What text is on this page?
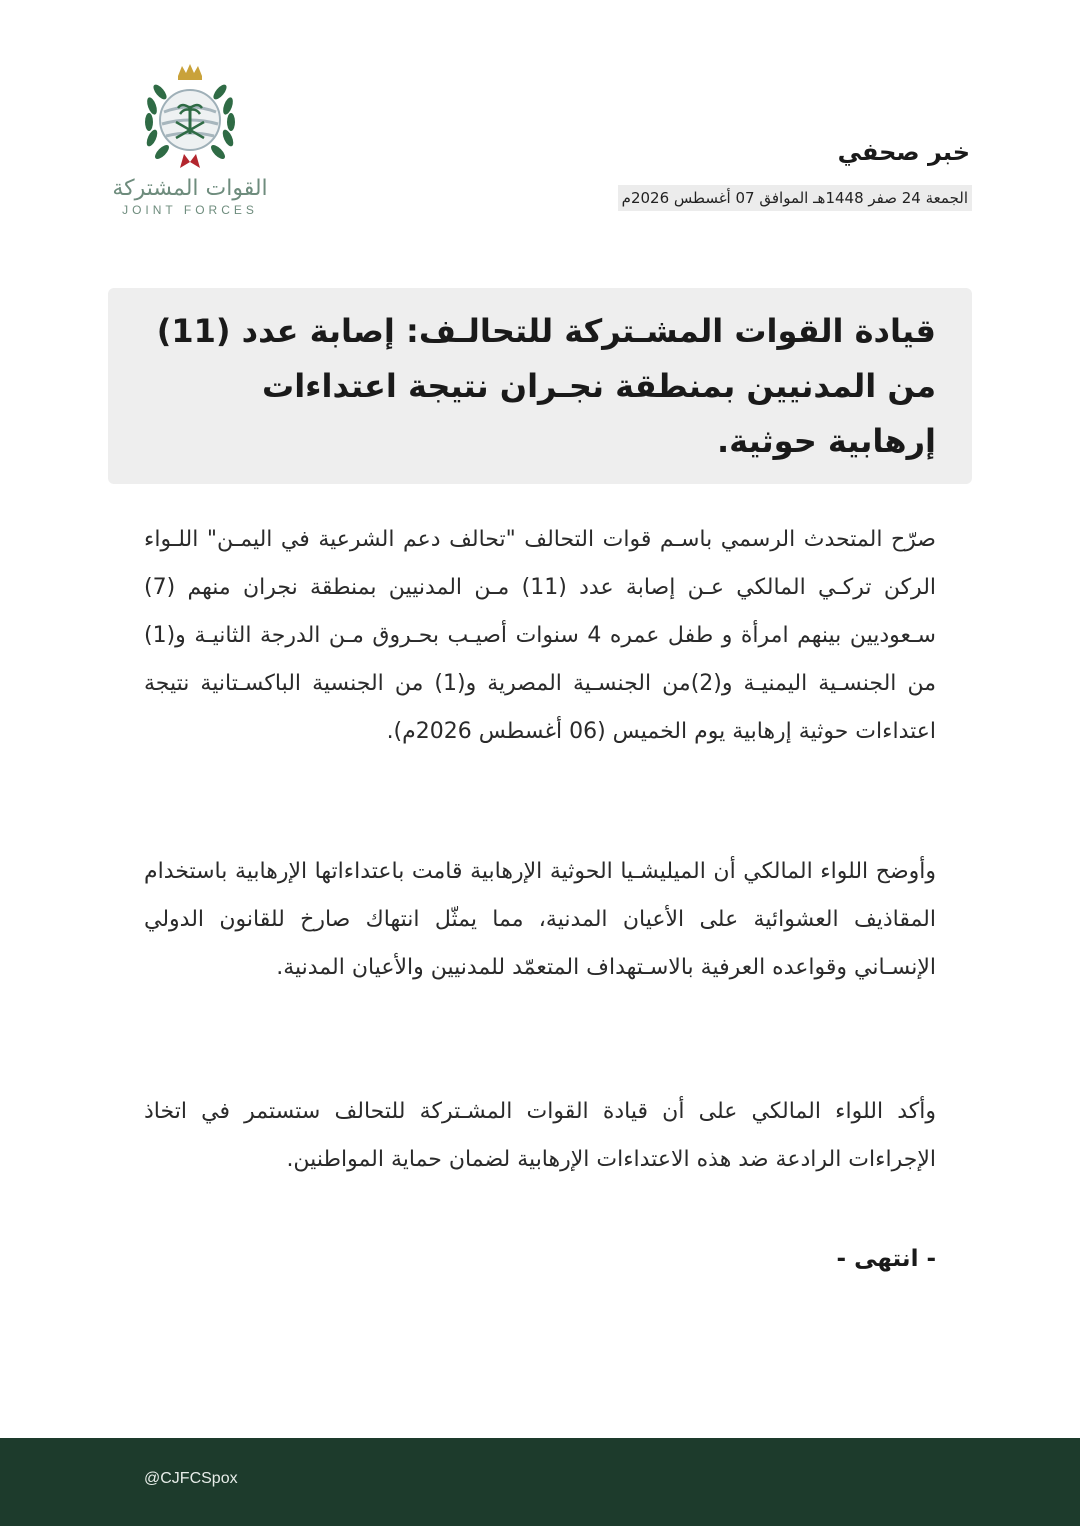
القوات المشتركة
JOINT FORCES
خبر صحفي
الجمعة 24 صفر 1448هـ الموافق 07 أغسطس 2026م

قيادة القوات المشـتركة للتحالـف: إصابة عدد (11) من المدنيين بمنطقة نجـران نتيجة اعتداءات إرهابية حوثية.

صرّح المتحدث الرسمي باسـم قوات التحالف "تحالف دعم الشرعية في اليمـن" اللـواء الركن تركـي المالكي عـن إصابة عدد (11) مـن المدنيين بمنطقة نجران منهم (7) سـعوديين بينهم امرأة و طفل عمره 4 سنوات أصيـب بحـروق مـن الدرجة الثانيـة و(1) من الجنسـية اليمنيـة و(2)من الجنسـية المصرية و(1) من الجنسية الباكسـتانية نتيجة اعتداءات حوثية إرهابية يوم الخميس (06 أغسطس 2026م).

وأوضح اللواء المالكي أن الميليشـيا الحوثية الإرهابية قامت باعتداءاتها الإرهابية باستخدام المقاذيف العشوائية على الأعيان المدنية، مما يمثّل انتهاك صارخ للقانون الدولي الإنسـاني وقواعده العرفية بالاسـتهداف المتعمّد للمدنيين والأعيان المدنية.

وأكد اللواء المالكي على أن قيادة القوات المشـتركة للتحالف ستستمر في اتخاذ الإجراءات الرادعة ضد هذه الاعتداءات الإرهابية لضمان حماية المواطنين.

- انتهى -
@CJFCSpox
